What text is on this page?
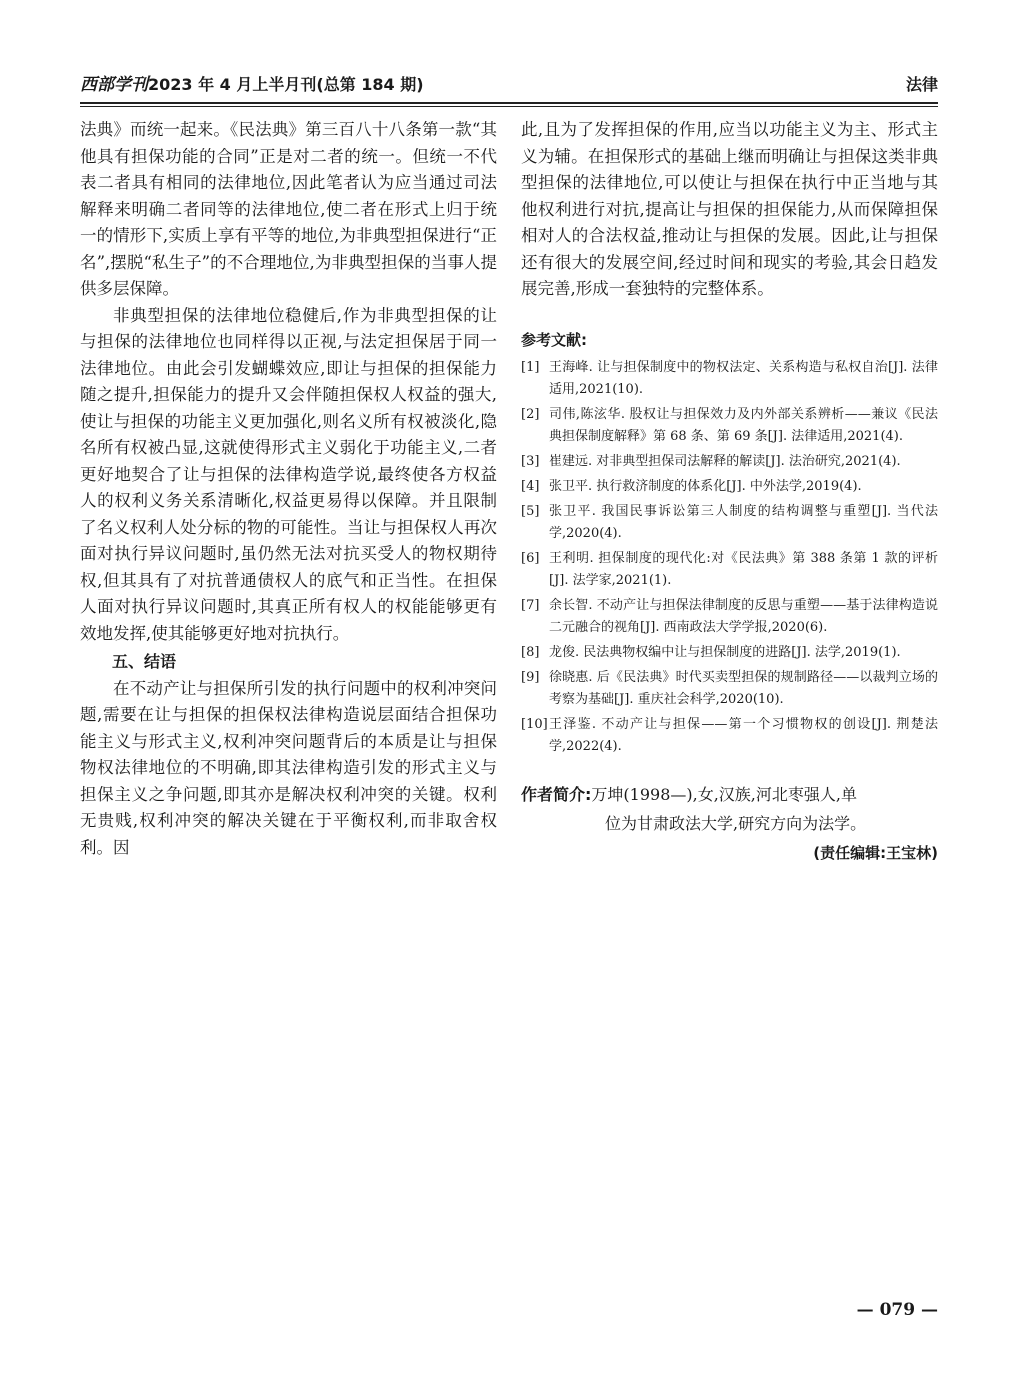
西部学刊2023 年 4 月上半月刊(总第 184 期)	法律

法典》而统一起来。《民法典》第三百八十八条第一款“其他具有担保功能的合同”正是对二者的统一。但统一不代表二者具有相同的法律地位,因此笔者认为应当通过司法解释来明确二者同等的法律地位,使二者在形式上归于统一的情形下,实质上享有平等的地位,为非典型担保进行“正名”,摆脱“私生子”的不合理地位,为非典型担保的当事人提供多层保障。

非典型担保的法律地位稳健后,作为非典型担保的让与担保的法律地位也同样得以正视,与法定担保居于同一法律地位。由此会引发蝴蝶效应,即让与担保的担保能力随之提升,担保能力的提升又会伴随担保权人权益的强大,使让与担保的功能主义更加强化,则名义所有权被淡化,隐名所有权被凸显,这就使得形式主义弱化于功能主义,二者更好地契合了让与担保的法律构造学说,最终使各方权益人的权利义务关系清晰化,权益更易得以保障。并且限制了名义权利人处分标的物的可能性。当让与担保权人再次面对执行异议问题时,虽仍然无法对抗买受人的物权期待权,但其具有了对抗普通债权人的底气和正当性。在担保人面对执行异议问题时,其真正所有权人的权能能够更有效地发挥,使其能够更好地对抗执行。

五、结语

在不动产让与担保所引发的执行问题中的权利冲突问题,需要在让与担保的担保权法律构造说层面结合担保功能主义与形式主义,权利冲突问题背后的本质是让与担保物权法律地位的不明确,即其法律构造引发的形式主义与担保主义之争问题,即其亦是解决权利冲突的关键。权利无贵贱,权利冲突的解决关键在于平衡权利,而非取舍权利。因

此,且为了发挥担保的作用,应当以功能主义为主、形式主义为辅。在担保形式的基础上继而明确让与担保这类非典型担保的法律地位,可以使让与担保在执行中正当地与其他权利进行对抗,提高让与担保的担保能力,从而保障担保相对人的合法权益,推动让与担保的发展。因此,让与担保还有很大的发展空间,经过时间和现实的考验,其会日趋发展完善,形成一套独特的完整体系。

参考文献:
[1] 王海峰. 让与担保制度中的物权法定、关系构造与私权自治[J]. 法律适用,2021(10).
[2] 司伟,陈泫华. 股权让与担保效力及内外部关系辨析——兼议《民法典担保制度解释》第 68 条、第 69 条[J]. 法律适用,2021(4).
[3] 崔建远. 对非典型担保司法解释的解读[J]. 法治研究,2021(4).
[4] 张卫平. 执行救济制度的体系化[J]. 中外法学,2019(4).
[5] 张卫平. 我国民事诉讼第三人制度的结构调整与重塑[J]. 当代法学,2020(4).
[6] 王利明. 担保制度的现代化:对《民法典》第 388 条第 1 款的评析[J]. 法学家,2021(1).
[7] 余长智. 不动产让与担保法律制度的反思与重塑——基于法律构造说二元融合的视角[J]. 西南政法大学学报,2020(6).
[8] 龙俊. 民法典物权编中让与担保制度的进路[J]. 法学,2019(1).
[9] 徐晓惠. 后《民法典》时代买卖型担保的规制路径——以裁判立场的考察为基础[J]. 重庆社会科学,2020(10).
[10] 王泽鉴. 不动产让与担保——第一个习惯物权的创设[J]. 荆楚法学,2022(4).
作者简介:万坤(1998—),女,汉族,河北枣强人,单
位为甘肃政法大学,研究方向为法学。
(责任编辑:王宝林)
— 079 —
